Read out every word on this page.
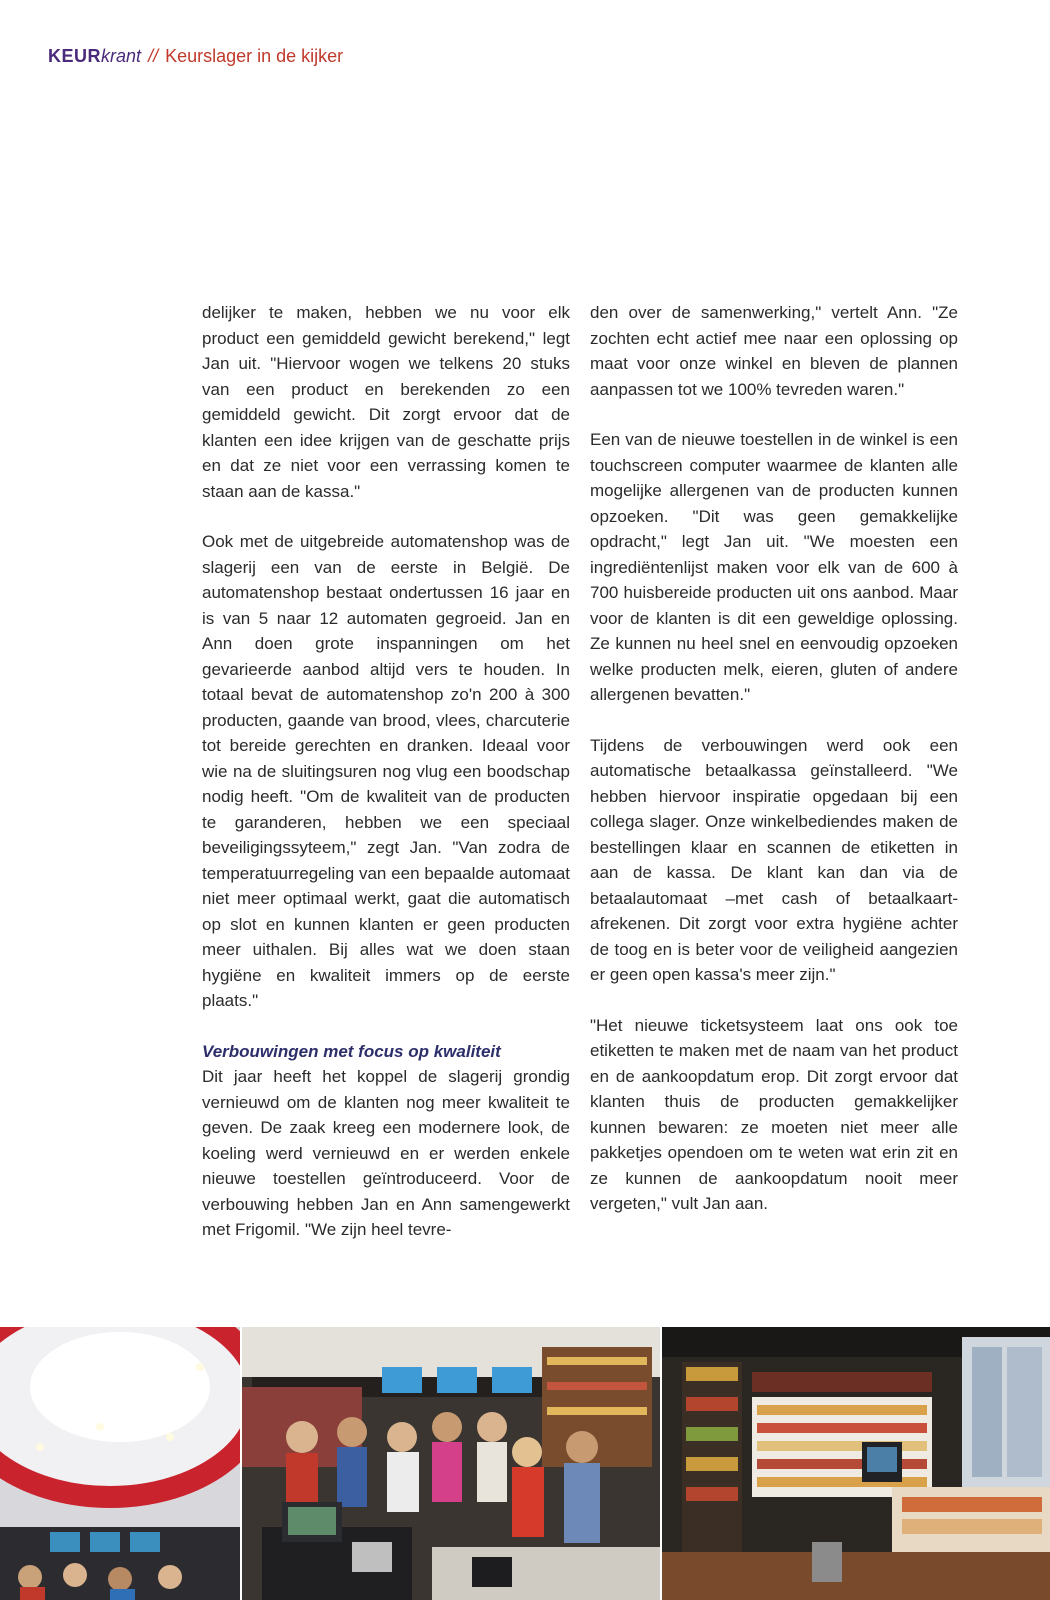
KEURkrant // Keurslager in de kijker

delijker te maken, hebben we nu voor elk product een gemiddeld gewicht berekend," legt Jan uit. "Hiervoor wogen we telkens 20 stuks van een product en berekenden zo een gemiddeld gewicht. Dit zorgt ervoor dat de klanten een idee krijgen van de geschatte prijs en dat ze niet voor een verrassing komen te staan aan de kassa."

Ook met de uitgebreide automatenshop was de slagerij een van de eerste in België. De automatenshop bestaat ondertussen 16 jaar en is van 5 naar 12 automaten gegroeid. Jan en Ann doen grote inspanningen om het gevarieerde aanbod altijd vers te houden. In totaal bevat de automatenshop zo'n 200 à 300 producten, gaande van brood, vlees, charcuterie tot bereide gerechten en dranken. Ideaal voor wie na de sluitingsuren nog vlug een boodschap nodig heeft. "Om de kwaliteit van de producten te garanderen, hebben we een speciaal beveiligingssyteem," zegt Jan. "Van zodra de temperatuurregeling van een bepaalde automaat niet meer optimaal werkt, gaat die automatisch op slot en kunnen klanten er geen producten meer uithalen. Bij alles wat we doen staan hygiëne en kwaliteit immers op de eerste plaats."

Verbouwingen met focus op kwaliteit

Dit jaar heeft het koppel de slagerij grondig vernieuwd om de klanten nog meer kwaliteit te geven. De zaak kreeg een modernere look, de koeling werd vernieuwd en er werden enkele nieuwe toestellen geïntroduceerd. Voor de verbouwing hebben Jan en Ann samengewerkt met Frigomil. "We zijn heel tevre-

den over de samenwerking," vertelt Ann. "Ze zochten echt actief mee naar een oplossing op maat voor onze winkel en bleven de plannen aanpassen tot we 100% tevreden waren."

Een van de nieuwe toestellen in de winkel is een touchscreen computer waarmee de klanten alle mogelijke allergenen van de producten kunnen opzoeken. "Dit was geen gemakkelijke opdracht," legt Jan uit. "We moesten een ingrediëntenlijst maken voor elk van de 600 à 700 huisbereide producten uit ons aanbod. Maar voor de klanten is dit een geweldige oplossing. Ze kunnen nu heel snel en eenvoudig opzoeken welke producten melk, eieren, gluten of andere allergenen bevatten."

Tijdens de verbouwingen werd ook een automatische betaalkassa geïnstalleerd. "We hebben hiervoor inspiratie opgedaan bij een collega slager. Onze winkelbediendes maken de bestellingen klaar en scannen de etiketten in aan de kassa. De klant kan dan via de betaalautomaat –met cash of betaalkaart- afrekenen. Dit zorgt voor extra hygiëne achter de toog en is beter voor de veiligheid aangezien er geen open kassa's meer zijn."

"Het nieuwe ticketsysteem laat ons ook toe etiketten te maken met de naam van het product en de aankoopdatum erop. Dit zorgt ervoor dat klanten thuis de producten gemakkelijker kunnen bewaren: ze moeten niet meer alle pakketjes opendoen om te weten wat erin zit en ze kunnen de aankoopdatum nooit meer vergeten," vult Jan aan.
